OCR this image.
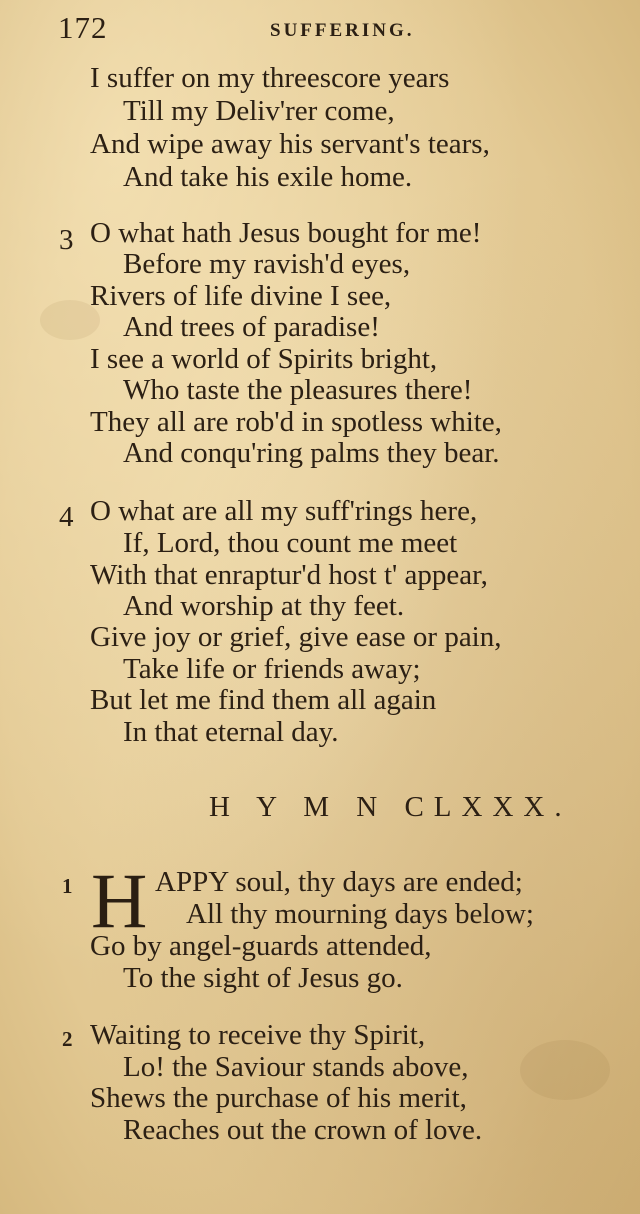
172	SUFFERING.
I suffer on my threescore years
Till my Deliv'rer come,
And wipe away his servant's tears,
And take his exile home.
3 O what hath Jesus bought for me!
Before my ravish'd eyes,
Rivers of life divine I see,
And trees of paradise!
I see a world of Spirits bright,
Who taste the pleasures there!
They all are rob'd in spotless white,
And conqu'ring palms they bear.
4 O what are all my suff'rings here,
If, Lord, thou count me meet
With that enraptur'd host t' appear,
And worship at thy feet.
Give joy or grief, give ease or pain,
Take life or friends away;
But let me find them all again
In that eternal day.
H Y M N CLXXX.
1 H APPY soul, thy days are ended;
All thy mourning days below;
Go by angel-guards attended,
To the sight of Jesus go.
2 Waiting to receive thy Spirit,
Lo! the Saviour stands above,
Shews the purchase of his merit,
Reaches out the crown of love.
